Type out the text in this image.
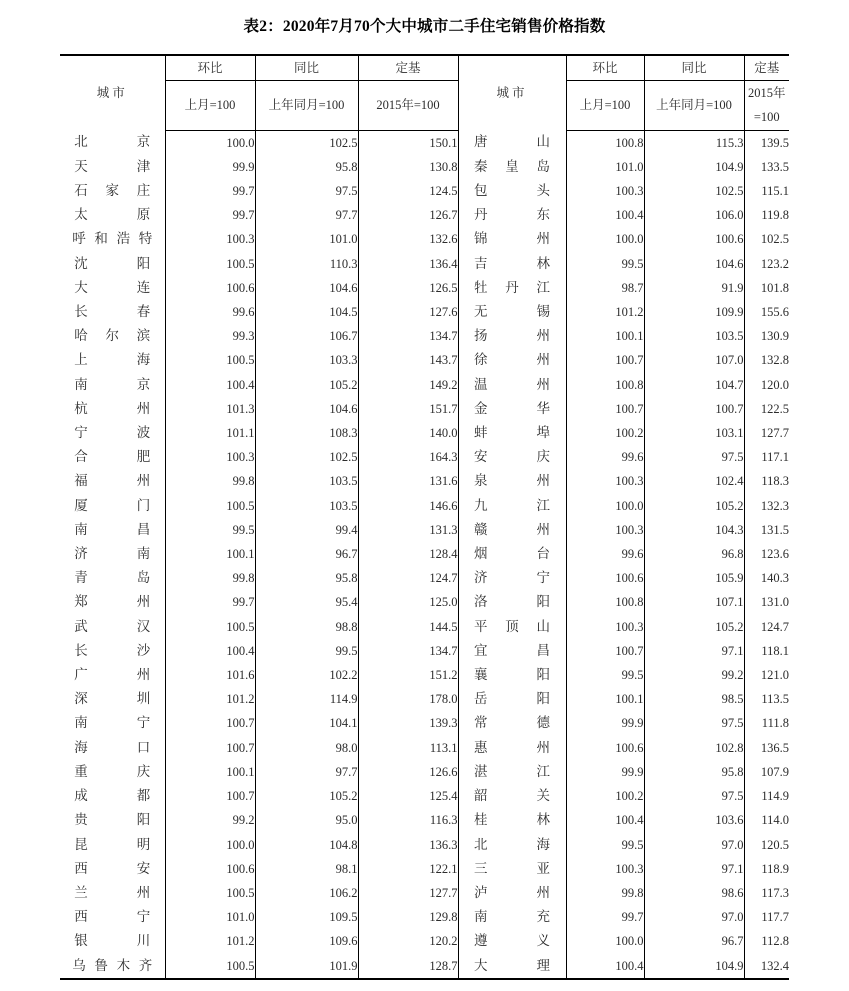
表2：2020年7月70个大中城市二手住宅销售价格指数
城市	环比	同比	定基	城市	环比	同比	定基
	上月=100	上年同月=100	2015年=100		上月=100	上年同月=100	2015年=100
北京	100.0	102.5	150.1	唐山	100.8	115.3	139.5
天津	99.9	95.8	130.8	秦皇岛	101.0	104.9	133.5
石家庄	99.7	97.5	124.5	包头	100.3	102.5	115.1
太原	99.7	97.7	126.7	丹东	100.4	106.0	119.8
呼和浩特	100.3	101.0	132.6	锦州	100.0	100.6	102.5
沈阳	100.5	110.3	136.4	吉林	99.5	104.6	123.2
大连	100.6	104.6	126.5	牡丹江	98.7	91.9	101.8
长春	99.6	104.5	127.6	无锡	101.2	109.9	155.6
哈尔滨	99.3	106.7	134.7	扬州	100.1	103.5	130.9
上海	100.5	103.3	143.7	徐州	100.7	107.0	132.8
南京	100.4	105.2	149.2	温州	100.8	104.7	120.0
杭州	101.3	104.6	151.7	金华	100.7	100.7	122.5
宁波	101.1	108.3	140.0	蚌埠	100.2	103.1	127.7
合肥	100.3	102.5	164.3	安庆	99.6	97.5	117.1
福州	99.8	103.5	131.6	泉州	100.3	102.4	118.3
厦门	100.5	103.5	146.6	九江	100.0	105.2	132.3
南昌	99.5	99.4	131.3	赣州	100.3	104.3	131.5
济南	100.1	96.7	128.4	烟台	99.6	96.8	123.6
青岛	99.8	95.8	124.7	济宁	100.6	105.9	140.3
郑州	99.7	95.4	125.0	洛阳	100.8	107.1	131.0
武汉	100.5	98.8	144.5	平顶山	100.3	105.2	124.7
长沙	100.4	99.5	134.7	宜昌	100.7	97.1	118.1
广州	101.6	102.2	151.2	襄阳	99.5	99.2	121.0
深圳	101.2	114.9	178.0	岳阳	100.1	98.5	113.5
南宁	100.7	104.1	139.3	常德	99.9	97.5	111.8
海口	100.7	98.0	113.1	惠州	100.6	102.8	136.5
重庆	100.1	97.7	126.6	湛江	99.9	95.8	107.9
成都	100.7	105.2	125.4	韶关	100.2	97.5	114.9
贵阳	99.2	95.0	116.3	桂林	100.4	103.6	114.0
昆明	100.0	104.8	136.3	北海	99.5	97.0	120.5
西安	100.6	98.1	122.1	三亚	100.3	97.1	118.9
兰州	100.5	106.2	127.7	泸州	99.8	98.6	117.3
西宁	101.0	109.5	129.8	南充	99.7	97.0	117.7
银川	101.2	109.6	120.2	遵义	100.0	96.7	112.8
乌鲁木齐	100.5	101.9	128.7	大理	100.4	104.9	132.4
